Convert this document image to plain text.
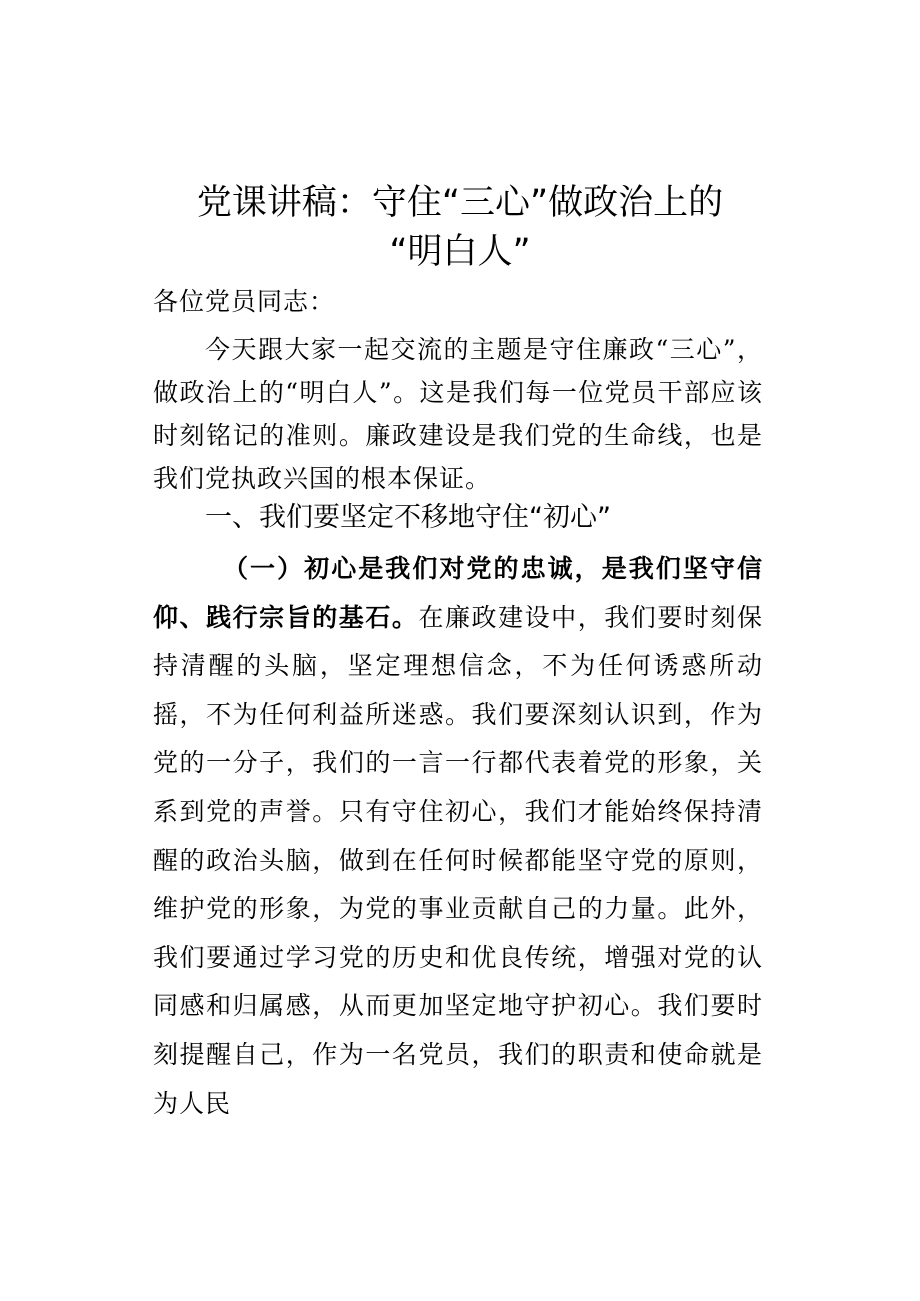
党课讲稿：守住“三心”做政治上的
“明白人”
各位党员同志：
今天跟大家一起交流的主题是守住廉政“三心”，做政治上的“明白人”。这是我们每一位党员干部应该时刻铭记的准则。廉政建设是我们党的生命线，也是我们党执政兴国的根本保证。
一、我们要坚定不移地守住“初心”
（一）初心是我们对党的忠诚，是我们坚守信仰、践行宗旨的基石。在廉政建设中，我们要时刻保持清醒的头脑，坚定理想信念，不为任何诱惑所动摇，不为任何利益所迷惑。我们要深刻认识到，作为党的一分子，我们的一言一行都代表着党的形象，关系到党的声誉。只有守住初心，我们才能始终保持清醒的政治头脑，做到在任何时候都能坚守党的原则，维护党的形象，为党的事业贡献自己的力量。此外，我们要通过学习党的历史和优良传统，增强对党的认同感和归属感，从而更加坚定地守护初心。我们要时刻提醒自己，作为一名党员，我们的职责和使命就是为人民
